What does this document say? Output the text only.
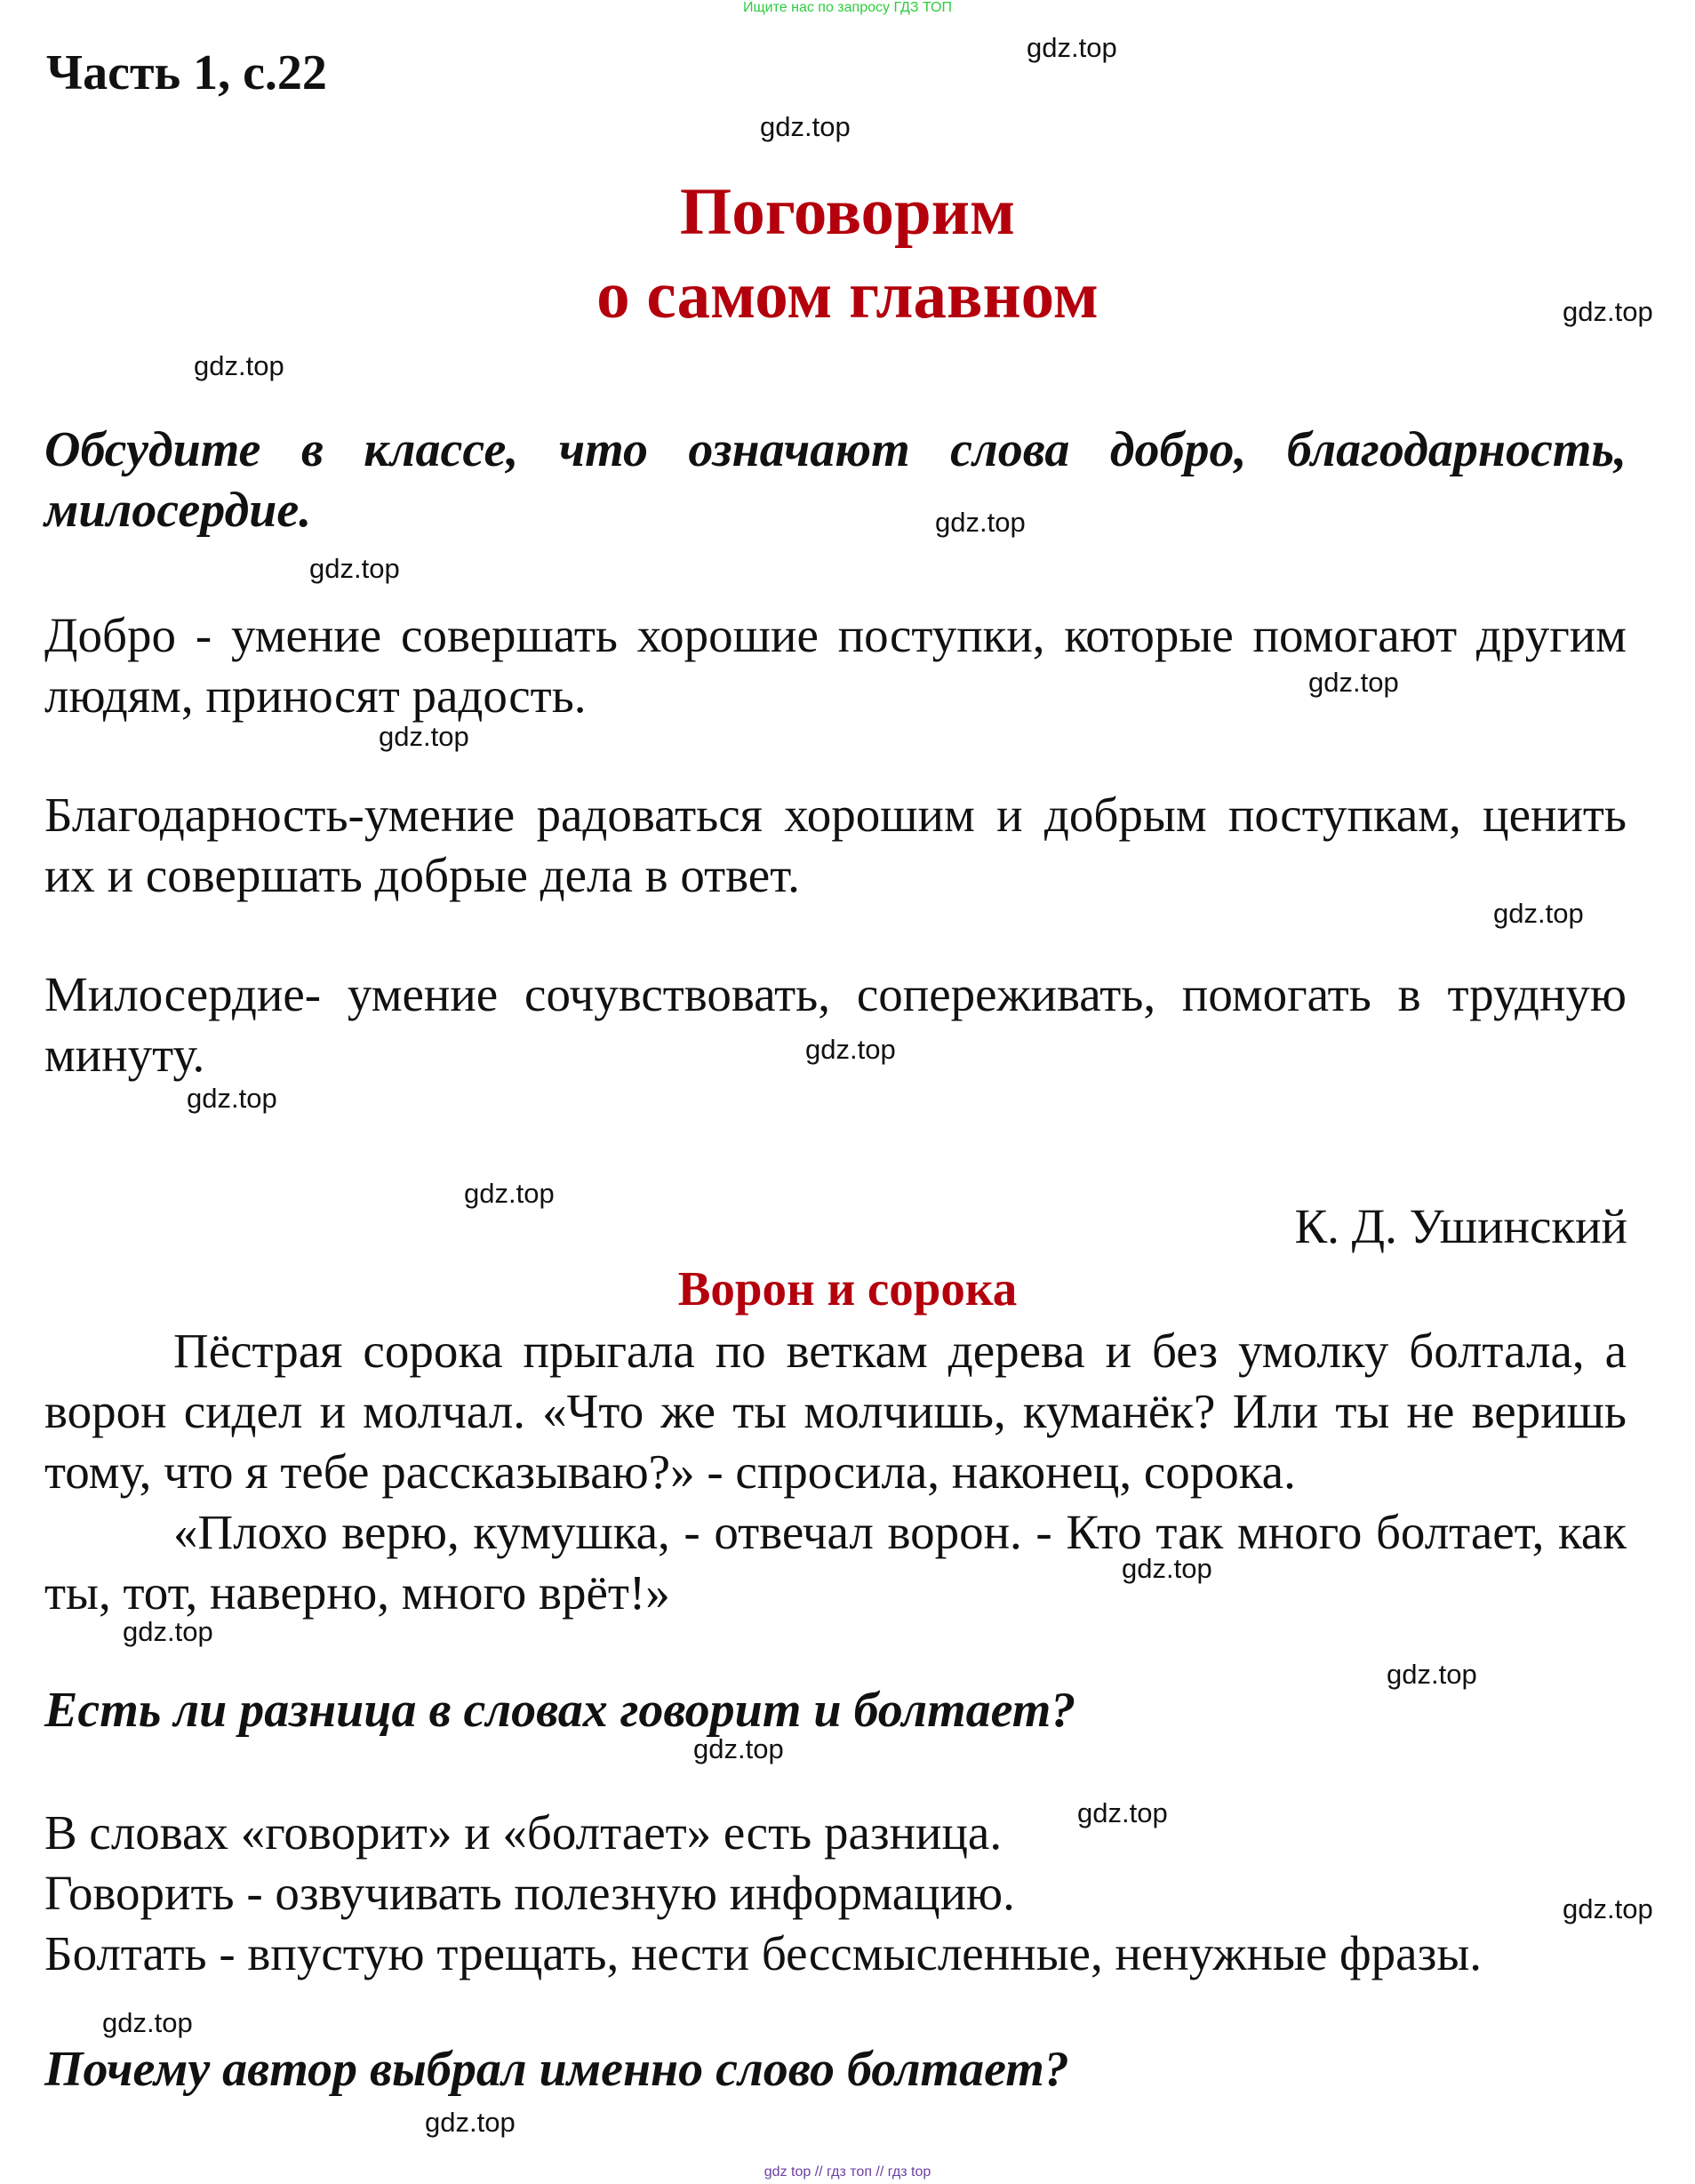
Ищите нас по запросу ГДЗ ТОП
Часть 1, с.22
Поговорим
о самом главном
Обсудите в классе, что означают слова добро, благодарность, милосердие.
Добро - умение совершать хорошие поступки, которые помогают другим людям, приносят радость.
Благодарность-умение радоваться хорошим и добрым поступкам, ценить их и совершать добрые дела в ответ.
Милосердие- умение сочувствовать, сопереживать, помогать в трудную минуту.
К. Д. Ушинский
Ворон и сорока
Пёстрая сорока прыгала по веткам дерева и без умолку болтала, а ворон сидел и молчал. «Что же ты молчишь, куманёк? Или ты не веришь тому, что я тебе рассказываю?» - спросила, наконец, сорока.
«Плохо верю, кумушка, - отвечал ворон. - Кто так много болтает, как ты, тот, наверно, много врёт!»
Есть ли разница в словах говорит и болтает?
В словах «говорит» и «болтает» есть разница.
Говорить - озвучивать полезную информацию.
Болтать - впустую трещать, нести бессмысленные, ненужные фразы.
Почему автор выбрал именно слово болтает?
gdz.top
gdz.top
gdz.top
gdz.top
gdz.top
gdz.top
gdz.top
gdz.top
gdz.top
gdz.top
gdz.top
gdz.top
gdz.top
gdz.top
gdz.top
gdz.top
gdz.top
gdz.top
gdz.top
gdz.top
gdz top // гдз топ // гдз top
